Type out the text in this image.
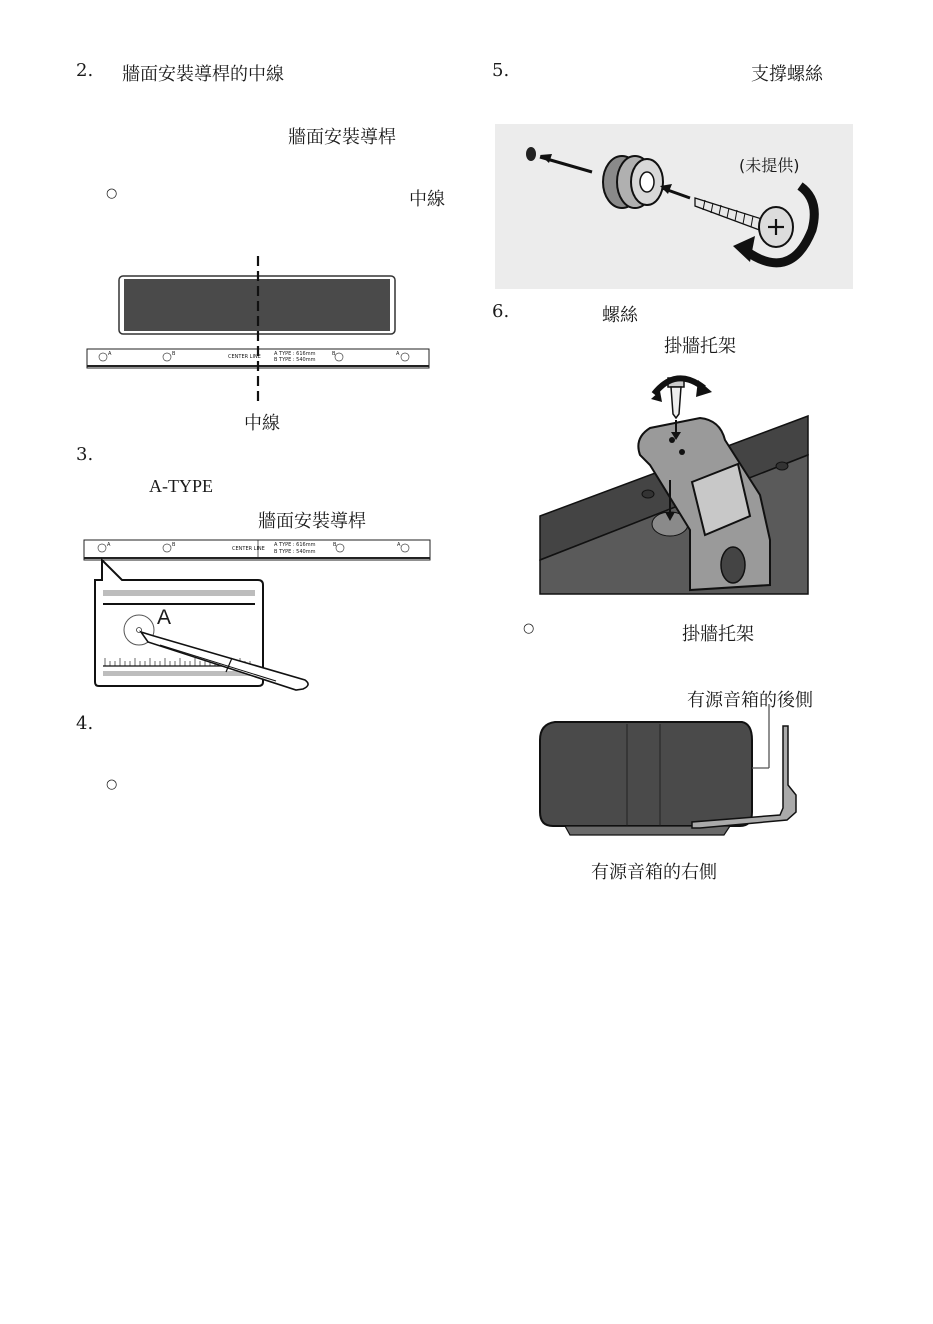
2. 牆面安裝導桿的中線
牆面安裝導桿
○	中線
A	B	CENTER LINE	A TYPE : 616mm
B TYPE : 540mm
B	A
中線
3.
A-TYPE
牆面安裝導桿
A	B
CENTER LINE
A TYPE : 616mm
B TYPE : 540mm
B	A
A
4.
○
5.	支撐螺絲
(未提供)
6.	螺絲
掛牆托架
○	掛牆托架
有源音箱的後側
有源音箱的右側
